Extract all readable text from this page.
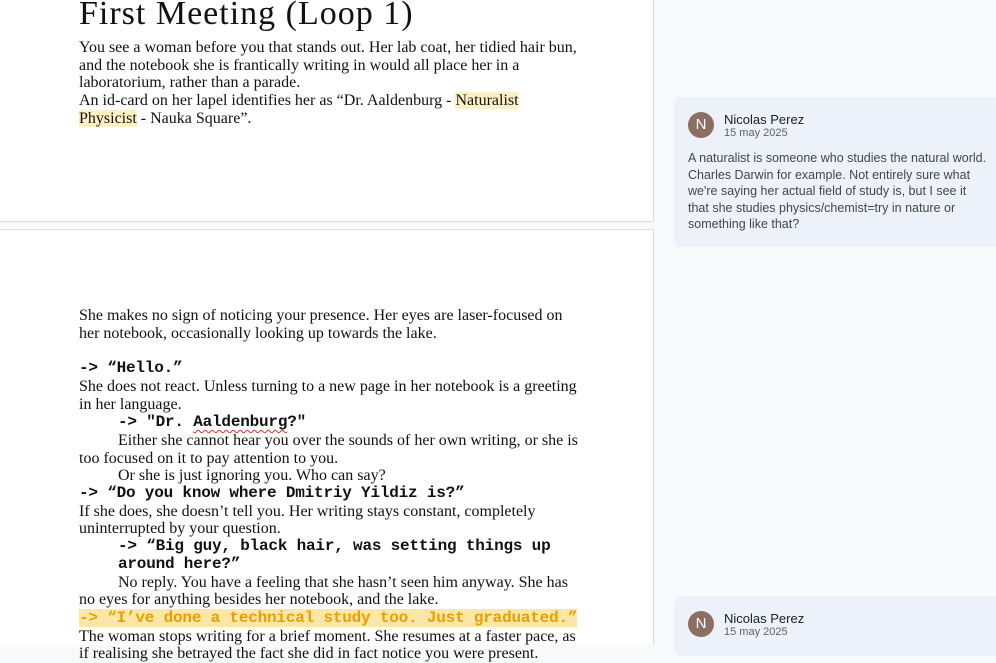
First Meeting (Loop 1)

You see a woman before you that stands out. Her lab coat, her tidied hair bun, and the notebook she is frantically writing in would all place her in a laboratorium, rather than a parade.

An id-card on her lapel identifies her as “Dr. Aaldenburg - Naturalist Physicist - Nauka Square”.

She makes no sign of noticing your presence. Her eyes are laser-focused on her notebook, occasionally looking up towards the lake.

-> “Hello.”

She does not react. Unless turning to a new page in her notebook is a greeting in her language.

-> "Dr. Aaldenburg?"

Either she cannot hear you over the sounds of her own writing, or she is too focused on it to pay attention to you.

Or she is just ignoring you. Who can say?

-> “Do you know where Dmitriy Yildiz is?”

If she does, she doesn’t tell you. Her writing stays constant, completely uninterrupted by your question.

-> “Big guy, black hair, was setting things up around here?”

No reply. You have a feeling that she hasn’t seen him anyway. She has no eyes for anything besides her notebook, and the lake.

-> “I’ve done a technical study too. Just graduated.”

The woman stops writing for a brief moment. She resumes at a faster pace, as if realising she betrayed the fact she did in fact notice you were present.

N	Nicolas Perez
15 may 2025
A naturalist is someone who studies the natural world. Charles Darwin for example. Not entirely sure what we're saying her actual field of study is, but I see it that she studies physics/chemist=try in nature or something like that?
N	Nicolas Perez
15 may 2025
